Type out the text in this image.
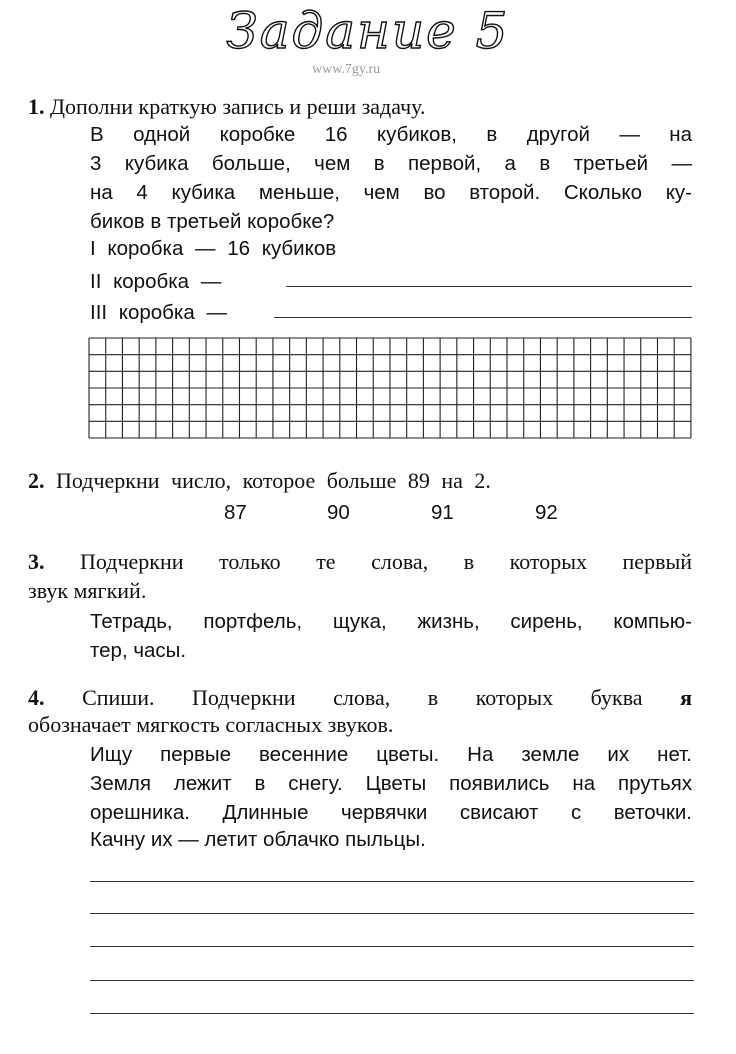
Задание 5
www.7gy.ru
1. Дополни краткую запись и реши задачу.
В одной коробке 16 кубиков, в другой — на
3 кубика больше, чем в первой, а в третьей —
на 4 кубика меньше, чем во второй. Сколько ку-
биков в третьей коробке?
I коробка — 16 кубиков
II коробка —
III коробка —
2. Подчеркни число, которое больше 89 на 2.
87	90	91	92
3. Подчеркни только те слова, в которых первый
звук мягкий.
Тетрадь, портфель, щука, жизнь, сирень, компью-
тер, часы.
4. Спиши. Подчеркни слова, в которых буква я
обозначает мягкость согласных звуков.
Ищу первые весенние цветы. На земле их нет.
Земля лежит в снегу. Цветы появились на прутьях
орешника. Длинные червячки свисают с веточки.
Качну их — летит облачко пыльцы.
